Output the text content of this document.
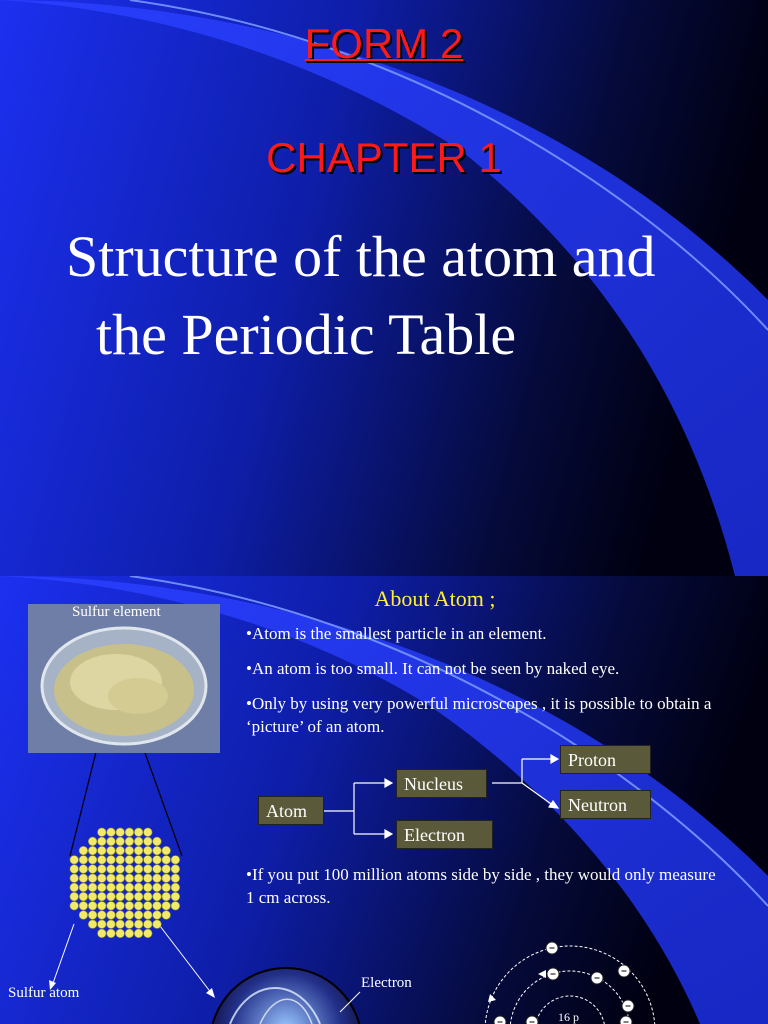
FORM 2
CHAPTER 1
Structure of the atom and
the Periodic Table
Sulfur element
Sulfur atom
Electron
About Atom ;
•Atom is the smallest particle in an element.
•An atom is too small. It can not be seen by naked eye.
•Only by using very powerful microscopes , it is possible to obtain a ‘picture’ of an atom.
•If you put 100 million atoms side by side , they would only measure 1 cm across.
Atom
Nucleus
Electron
Proton
Neutron
16 p
